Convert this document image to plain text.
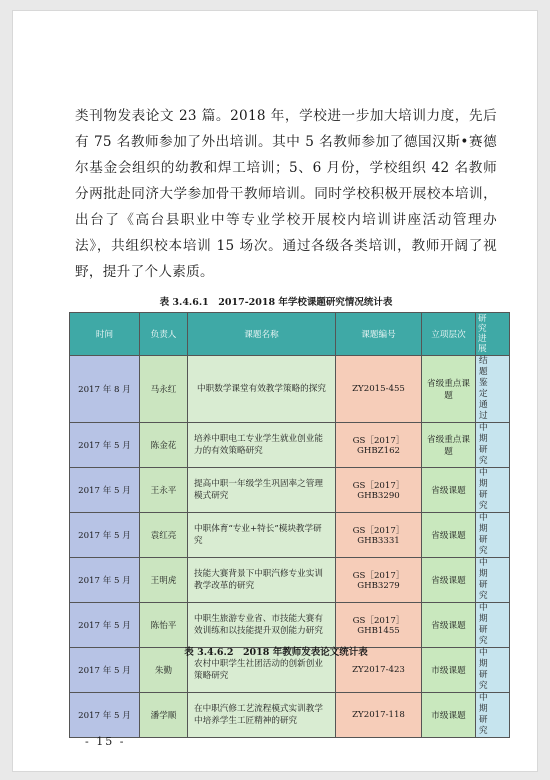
类刊物发表论文 23 篇。2018 年，学校进一步加大培训力度，先后有 75 名教师参加了外出培训。其中 5 名教师参加了德国汉斯•赛德尔基金会组织的幼教和焊工培训；5、6 月份，学校组织 42 名教师分两批赴同济大学参加骨干教师培训。同时学校积极开展校本培训，出台了《高台县职业中等专业学校开展校内培训讲座活动管理办法》，共组织校本培训 15 场次。通过各级各类培训，教师开阔了视野，提升了个人素质。

表 3.4.6.1　2017-2018 年学校课题研究情况统计表
时间	负责人	课题名称	课题编号	立项层次	研究进展
2017 年 8 月	马永红	中职数学课堂有效教学策略的探究	ZY2015-455	省级重点课题	结题鉴定通过
2017 年 5 月	陈金花	培养中职电工专业学生就业创业能力的有效策略研究	GS［2017］GHBZ162	省级重点课题	中期研究
2017 年 5 月	王永平	提高中职一年级学生巩固率之管理模式研究	GS［2017］GHB3290	省级课题	中期研究
2017 年 5 月	袁红亮	中职体育“专业+特长”模块教学研究	GS［2017］GHB3331	省级课题	中期研究
2017 年 5 月	王明虎	技能大赛背景下中职汽修专业实训教学改革的研究	GS［2017］GHB3279	省级课题	中期研究
2017 年 5 月	陈怡平	中职生旅游专业省、市技能大赛有效训练和以技能提升双创能力研究	GS［2017］GHB1455	省级课题	中期研究
2017 年 5 月	朱勤	农村中职学生社团活动的创新创业策略研究	ZY2017-423	市级课题	中期研究
2017 年 5 月	潘学顺	在中职汽修工艺流程模式实训教学中培养学生工匠精神的研究	ZY2017-118	市级课题	中期研究
表 3.4.6.2　2018 年教师发表论文统计表
- 15 -
